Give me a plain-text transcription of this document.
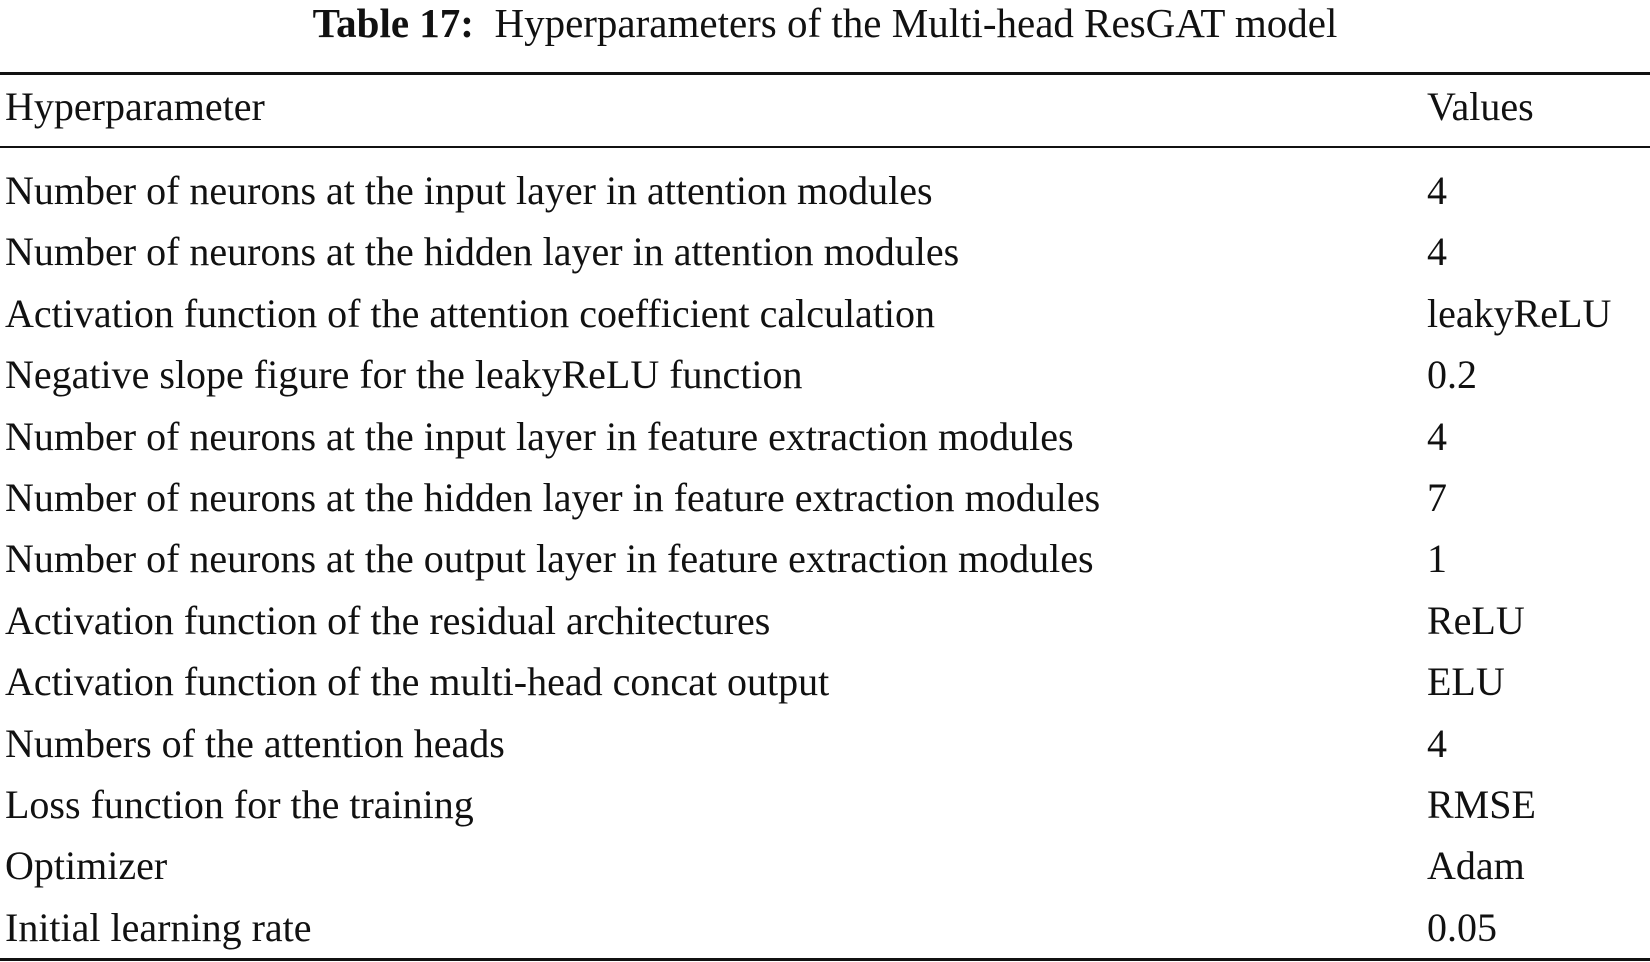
Table 17: Hyperparameters of the Multi-head ResGAT model
Hyperparameter	Values
Number of neurons at the input layer in attention modules	4
Number of neurons at the hidden layer in attention modules	4
Activation function of the attention coefficient calculation	leakyReLU
Negative slope figure for the leakyReLU function	0.2
Number of neurons at the input layer in feature extraction modules	4
Number of neurons at the hidden layer in feature extraction modules	7
Number of neurons at the output layer in feature extraction modules	1
Activation function of the residual architectures	ReLU
Activation function of the multi-head concat output	ELU
Numbers of the attention heads	4
Loss function for the training	RMSE
Optimizer	Adam
Initial learning rate	0.05
